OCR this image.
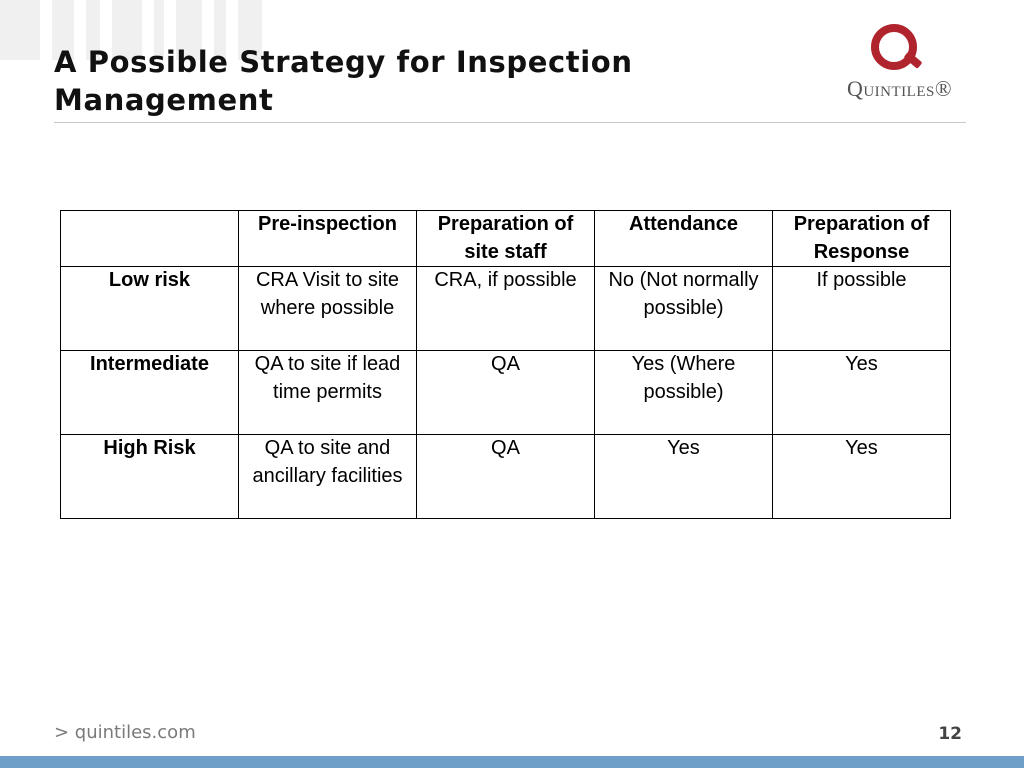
A Possible Strategy for Inspection Management	Quintiles®
	Pre-inspection	Preparation of site staff	Attendance	Preparation of Response
Low risk	CRA Visit to site where possible	CRA, if possible	No (Not normally possible)	If possible
Intermediate	QA to site if lead time permits	QA	Yes (Where possible)	Yes
High Risk	QA to site and ancillary facilities	QA	Yes	Yes
> quintiles.com	12
